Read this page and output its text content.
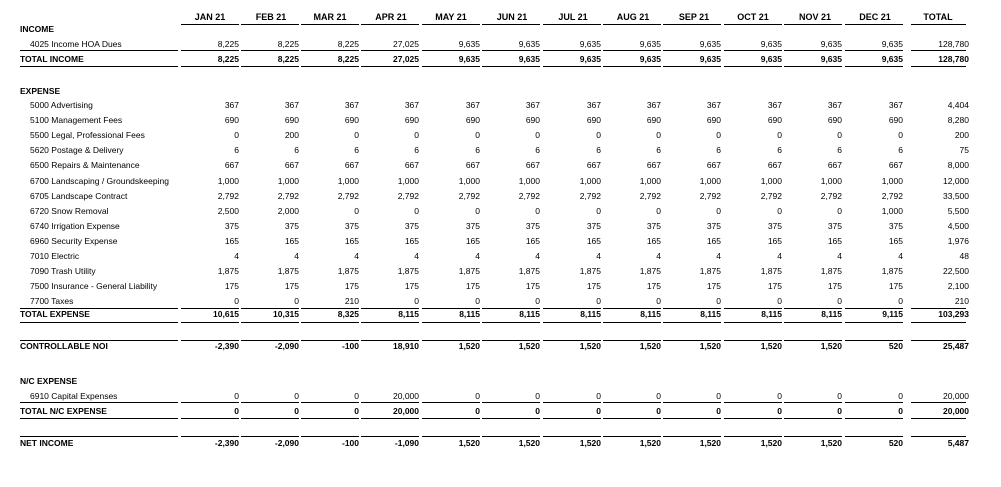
JAN 21	FEB 21	MAR 21	APR 21	MAY 21	JUN 21	JUL 21	AUG 21	SEP 21	OCT 21	NOV 21	DEC 21	TOTAL
INCOME
4025 Income HOA Dues	8,225	8,225	8,225	27,025	9,635	9,635	9,635	9,635	9,635	9,635	9,635	9,635	128,780
TOTAL INCOME	8,225	8,225	8,225	27,025	9,635	9,635	9,635	9,635	9,635	9,635	9,635	9,635	128,780
EXPENSE
5000 Advertising	367	367	367	367	367	367	367	367	367	367	367	367	4,404
5100 Management Fees	690	690	690	690	690	690	690	690	690	690	690	690	8,280
5500 Legal, Professional Fees	0	200	0	0	0	0	0	0	0	0	0	0	200
5620 Postage & Delivery	6	6	6	6	6	6	6	6	6	6	6	6	75
6500 Repairs & Maintenance	667	667	667	667	667	667	667	667	667	667	667	667	8,000
6700 Landscaping / Groundskeeping	1,000	1,000	1,000	1,000	1,000	1,000	1,000	1,000	1,000	1,000	1,000	1,000	12,000
6705 Landscape Contract	2,792	2,792	2,792	2,792	2,792	2,792	2,792	2,792	2,792	2,792	2,792	2,792	33,500
6720 Snow Removal	2,500	2,000	0	0	0	0	0	0	0	0	0	1,000	5,500
6740 Irrigation Expense	375	375	375	375	375	375	375	375	375	375	375	375	4,500
6960 Security Expense	165	165	165	165	165	165	165	165	165	165	165	165	1,976
7010 Electric	4	4	4	4	4	4	4	4	4	4	4	4	48
7090 Trash Utility	1,875	1,875	1,875	1,875	1,875	1,875	1,875	1,875	1,875	1,875	1,875	1,875	22,500
7500 Insurance - General Liability	175	175	175	175	175	175	175	175	175	175	175	175	2,100
7700 Taxes	0	0	210	0	0	0	0	0	0	0	0	0	210
TOTAL EXPENSE	10,615	10,315	8,325	8,115	8,115	8,115	8,115	8,115	8,115	8,115	8,115	9,115	103,293
CONTROLLABLE NOI	-2,390	-2,090	-100	18,910	1,520	1,520	1,520	1,520	1,520	1,520	1,520	520	25,487
N/C EXPENSE
6910 Capital Expenses	0	0	0	20,000	0	0	0	0	0	0	0	0	20,000
TOTAL N/C EXPENSE	0	0	0	20,000	0	0	0	0	0	0	0	0	20,000
NET INCOME	-2,390	-2,090	-100	-1,090	1,520	1,520	1,520	1,520	1,520	1,520	1,520	520	5,487
